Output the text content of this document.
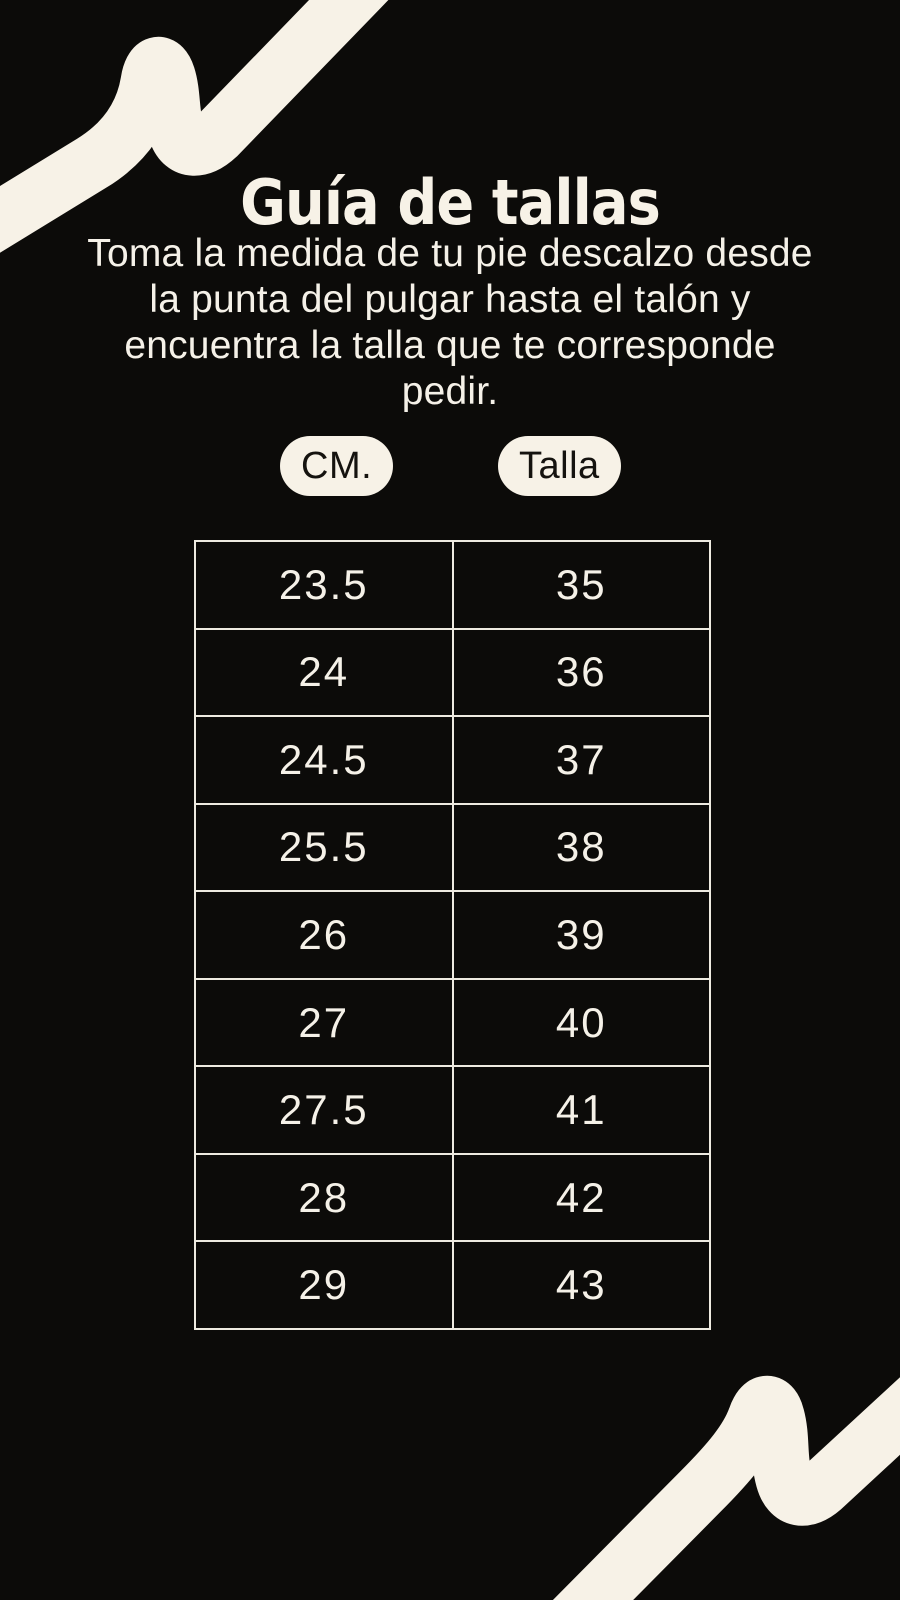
Guía de tallas
Toma la medida de tu pie descalzo desde
la punta del pulgar hasta el talón y
encuentra la talla que te corresponde
pedir.
CM.	Talla
23.5	35
24	36
24.5	37
25.5	38
26	39
27	40
27.5	41
28	42
29	43
